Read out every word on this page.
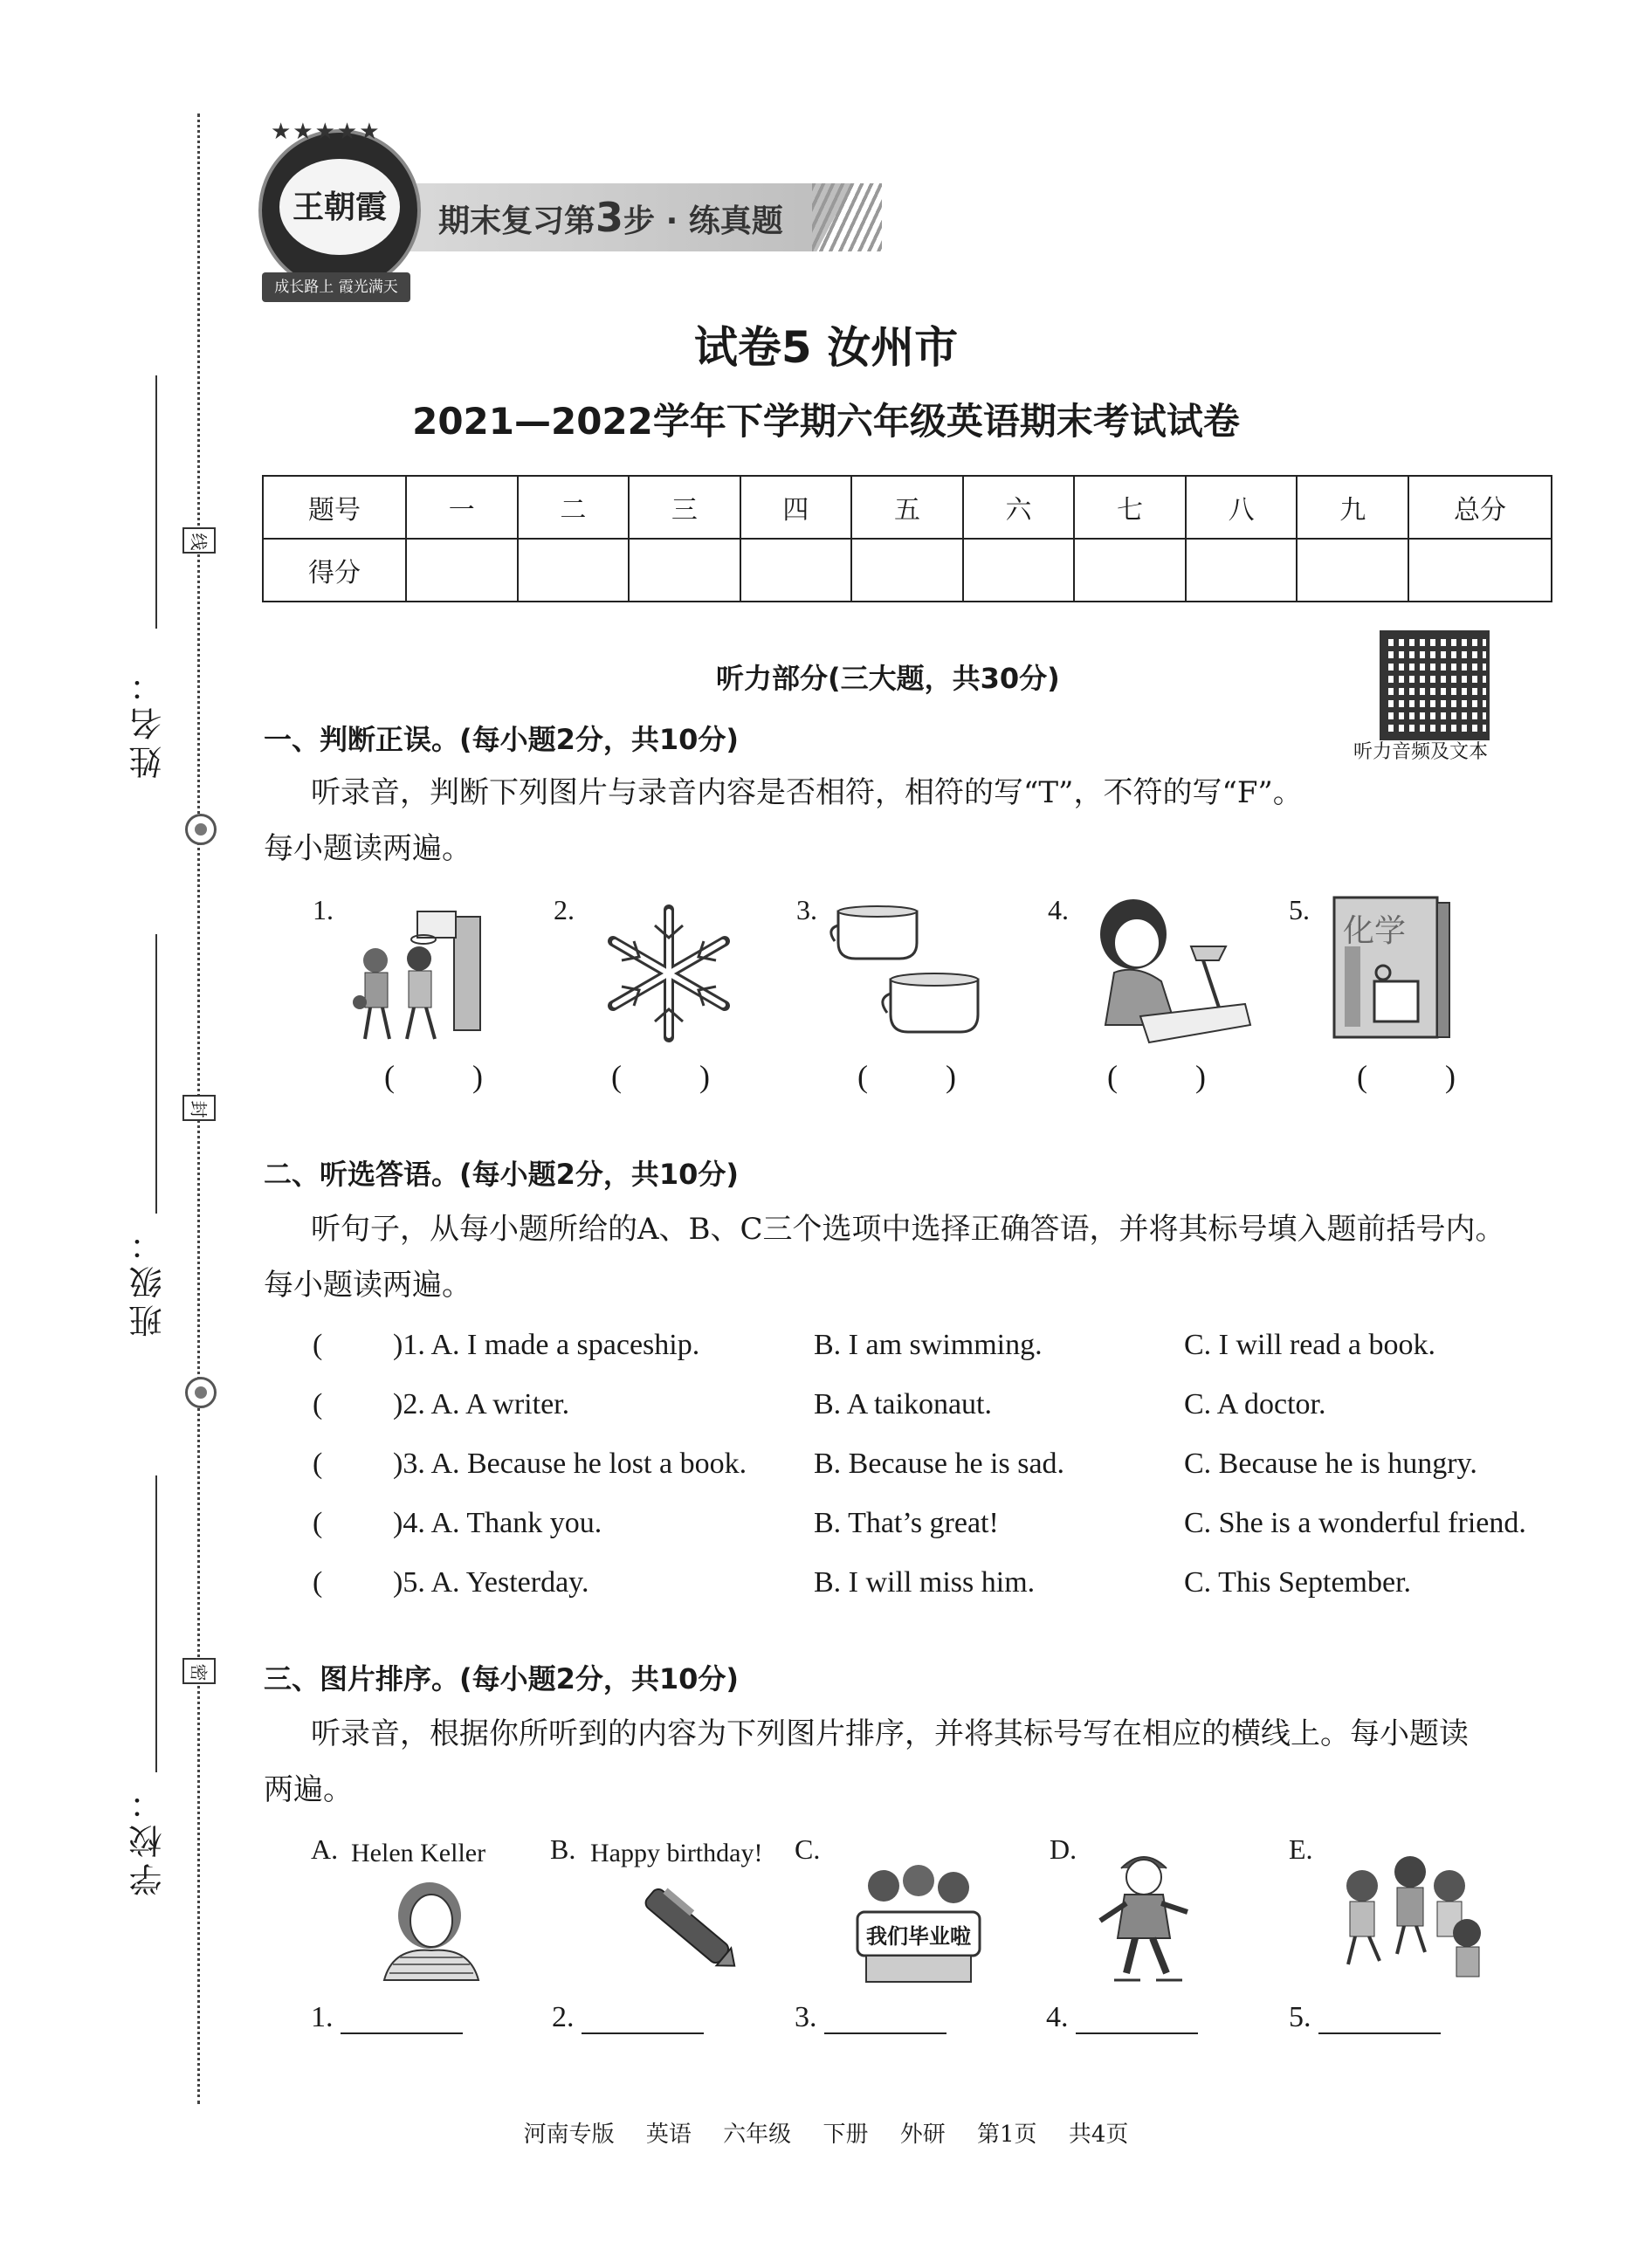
姓名：
班级：
学校：
线
封
密
期末复习第3步 · 练真题
王朝霞
★★★★★
成长路上 霞光满天
试卷5 汝州市
2021—2022学年下学期六年级英语期末考试试卷
题号	一	二	三	四	五	六	七	八	九	总分
得分										
听力部分(三大题，共30分)
听力音频及文本
一、判断正误。(每小题2分，共10分)
听录音，判断下列图片与录音内容是否相符，相符的写“T”，不符的写“F”。
每小题读两遍。
1.	2.	3.	4.	5.
化学
( )	( )	( )	( )	( )
二、听选答语。(每小题2分，共10分)
听句子，从每小题所给的A、B、C三个选项中选择正确答语，并将其标号填入题前括号内。
每小题读两遍。
( )1. A. I made a spaceship.	B. I am swimming.	C. I will read a book.
( )2. A. A writer.	B. A taikonaut.	C. A doctor.
( )3. A. Because he lost a book. B. Because he is sad.	C. Because he is hungry.
( )4. A. Thank you.	B. That’s great!	C. She is a wonderful friend.
( )5. A. Yesterday.	B. I will miss him.	C. This September.
三、图片排序。(每小题2分，共10分)
听录音，根据你所听到的内容为下列图片排序，并将其标号写在相应的横线上。每小题读
两遍。
A. Helen Keller B. Happy birthday! C.
我们毕业啦
D.	E.
1.	2.	3.	4.	5.
河南专版 英语 六年级 下册 外研 第1页 共4页
